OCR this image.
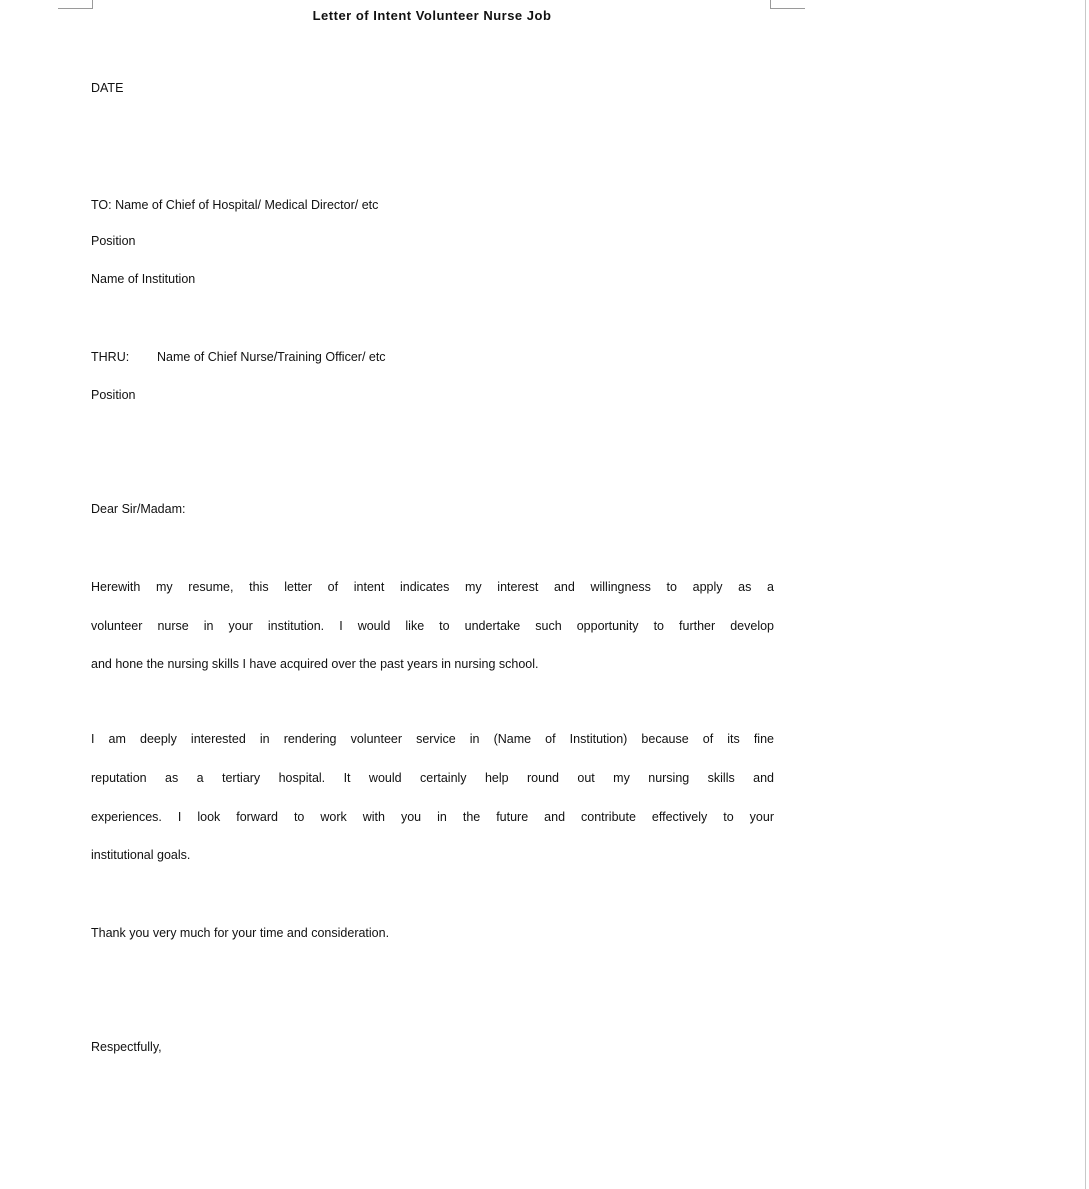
Letter of Intent Volunteer Nurse Job
DATE
TO: Name of Chief of Hospital/ Medical Director/ etc
Position
Name of Institution
THRU: Name of Chief Nurse/Training Officer/ etc
Position
Dear Sir/Madam:
Herewith my resume, this letter of intent indicates my interest and willingness to apply as a
volunteer nurse in your institution. I would like to undertake such opportunity to further develop
and hone the nursing skills I have acquired over the past years in nursing school.
I am deeply interested in rendering volunteer service in (Name of Institution) because of its fine
reputation as a tertiary hospital. It would certainly help round out my nursing skills and
experiences. I look forward to work with you in the future and contribute effectively to your
institutional goals.
Thank you very much for your time and consideration.
Respectfully,
